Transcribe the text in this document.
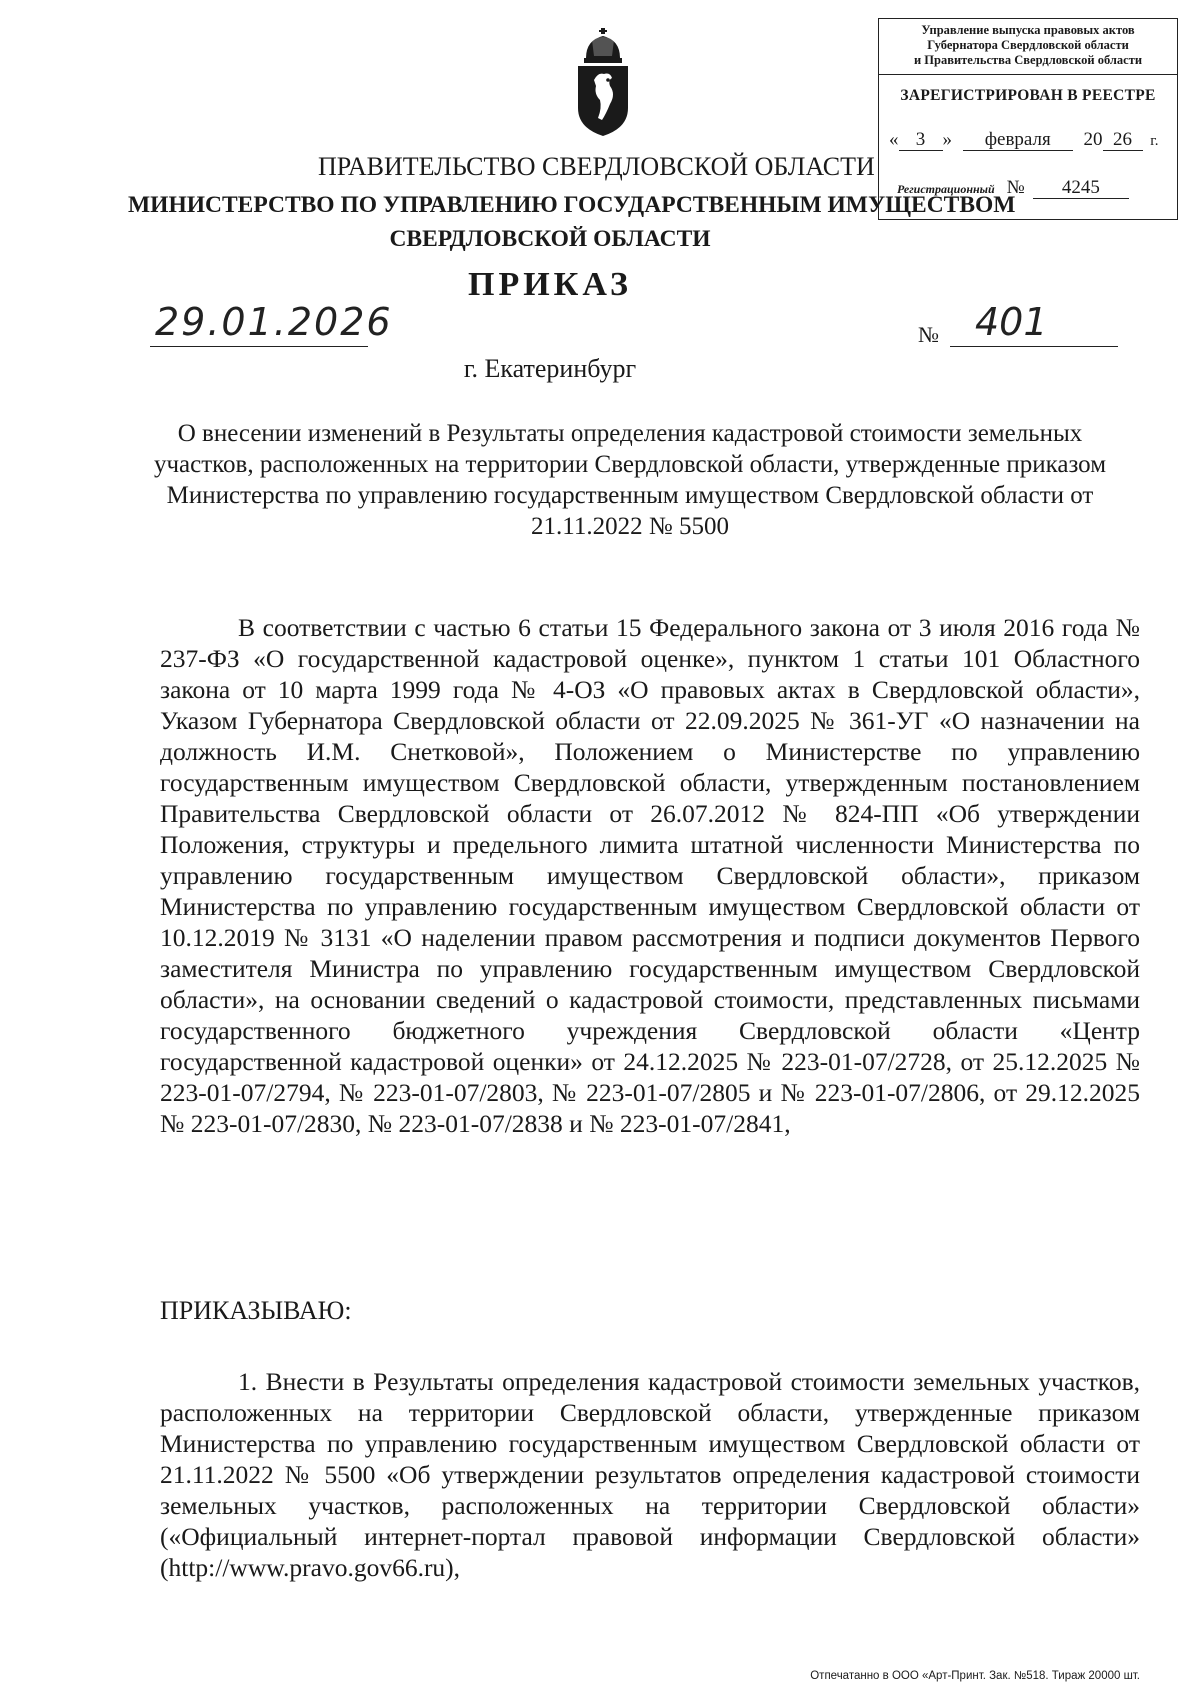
Управление выпуска правовых актов
Губернатора Свердловской области
и Правительства Свердловской области
ЗАРЕГИСТРИРОВАН В РЕЕСТРЕ
« 3 » февраля 20 26 г.
Регистрационный № 4245
ПРАВИТЕЛЬСТВО СВЕРДЛОВСКОЙ ОБЛАСТИ
МИНИСТЕРСТВО ПО УПРАВЛЕНИЮ ГОСУДАРСТВЕННЫМ ИМУЩЕСТВОМ
СВЕРДЛОВСКОЙ ОБЛАСТИ
ПРИКАЗ
29.01.2026	№ 401
г. Екатеринбург
О внесении изменений в Результаты определения кадастровой стоимости земельных участков, расположенных на территории Свердловской области, утвержденные приказом Министерства по управлению государственным имуществом Свердловской области от 21.11.2022 № 5500
В соответствии с частью 6 статьи 15 Федерального закона от 3 июля 2016 года № 237-ФЗ «О государственной кадастровой оценке», пунктом 1 статьи 101 Областного закона от 10 марта 1999 года № 4-ОЗ «О правовых актах в Свердловской области», Указом Губернатора Свердловской области от 22.09.2025 № 361-УГ «О назначении на должность И.М. Снетковой», Положением о Министерстве по управлению государственным имуществом Свердловской области, утвержденным постановлением Правительства Свердловской области от 26.07.2012 № 824-ПП «Об утверждении Положения, структуры и предельного лимита штатной численности Министерства по управлению государственным имуществом Свердловской области», приказом Министерства по управлению государственным имуществом Свердловской области от 10.12.2019 № 3131 «О наделении правом рассмотрения и подписи документов Первого заместителя Министра по управлению государственным имуществом Свердловской области», на основании сведений о кадастровой стоимости, представленных письмами государственного бюджетного учреждения Свердловской области «Центр государственной кадастровой оценки» от 24.12.2025 № 223-01-07/2728, от 25.12.2025 № 223-01-07/2794, № 223-01-07/2803, № 223-01-07/2805 и № 223-01-07/2806, от 29.12.2025 № 223-01-07/2830, № 223-01-07/2838 и № 223-01-07/2841,
ПРИКАЗЫВАЮ:
1. Внести в Результаты определения кадастровой стоимости земельных участков, расположенных на территории Свердловской области, утвержденные приказом Министерства по управлению государственным имуществом Свердловской области от 21.11.2022 № 5500 «Об утверждении результатов определения кадастровой стоимости земельных участков, расположенных на территории Свердловской области» («Официальный интернет-портал правовой информации Свердловской области» (http://www.pravo.gov66.ru),
Отпечатанно в ООО «Арт-Принт. Зак. №518. Тираж 20000 шт.
